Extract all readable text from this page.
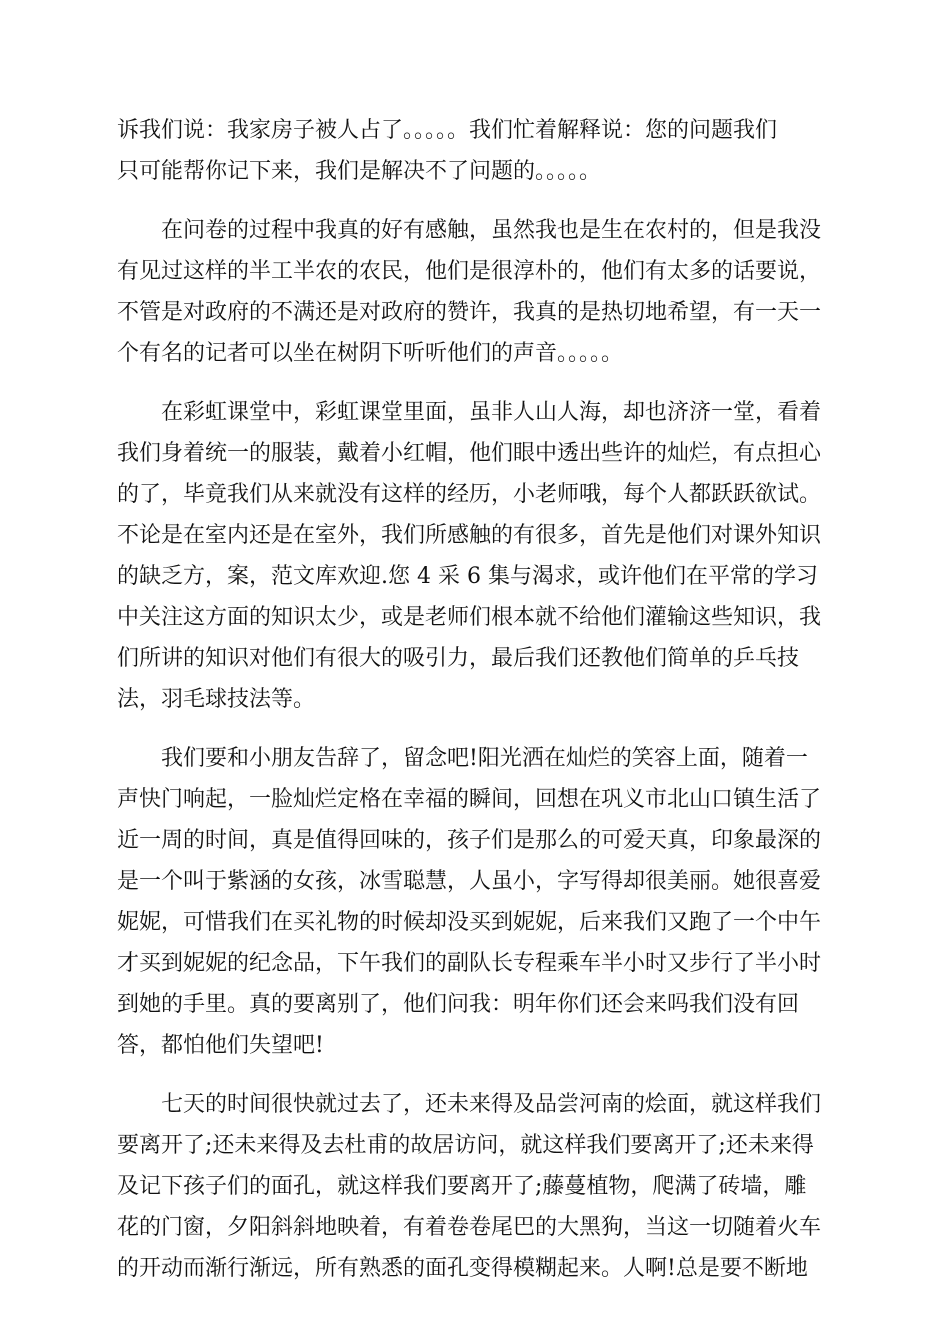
诉我们说：我家房子被人占了。。。。。我们忙着解释说：您的问题我们
只可能帮你记下来，我们是解决不了问题的。。。。。

在问卷的过程中我真的好有感触，虽然我也是生在农村的，但是我没
有见过这样的半工半农的农民，他们是很淳朴的，他们有太多的话要说，
不管是对政府的不满还是对政府的赞许，我真的是热切地希望，有一天一
个有名的记者可以坐在树阴下听听他们的声音。。。。。

在彩虹课堂中，彩虹课堂里面，虽非人山人海，却也济济一堂，看着
我们身着统一的服装，戴着小红帽，他们眼中透出些许的灿烂，有点担心
的了，毕竟我们从来就没有这样的经历，小老师哦，每个人都跃跃欲试。
不论是在室内还是在室外，我们所感触的有很多，首先是他们对课外知识
的缺乏方，案，范文库欢迎.您 4 采 6 集与渴求，或许他们在平常的学习
中关注这方面的知识太少，或是老师们根本就不给他们灌输这些知识，我
们所讲的知识对他们有很大的吸引力，最后我们还教他们简单的乒乓技
法，羽毛球技法等。

我们要和小朋友告辞了，留念吧!阳光洒在灿烂的笑容上面，随着一
声快门响起，一脸灿烂定格在幸福的瞬间，回想在巩义市北山口镇生活了
近一周的时间，真是值得回味的，孩子们是那么的可爱天真，印象最深的
是一个叫于紫涵的女孩，冰雪聪慧，人虽小，字写得却很美丽。她很喜爱
妮妮，可惜我们在买礼物的时候却没买到妮妮，后来我们又跑了一个中午
才买到妮妮的纪念品，下午我们的副队长专程乘车半小时又步行了半小时
到她的手里。真的要离别了，他们问我：明年你们还会来吗我们没有回
答，都怕他们失望吧!

七天的时间很快就过去了，还未来得及品尝河南的烩面，就这样我们
要离开了;还未来得及去杜甫的故居访问，就这样我们要离开了;还未来得
及记下孩子们的面孔，就这样我们要离开了;藤蔓植物，爬满了砖墙，雕
花的门窗，夕阳斜斜地映着，有着卷卷尾巴的大黑狗，当这一切随着火车
的开动而渐行渐远，所有熟悉的面孔变得模糊起来。人啊!总是要不断地
